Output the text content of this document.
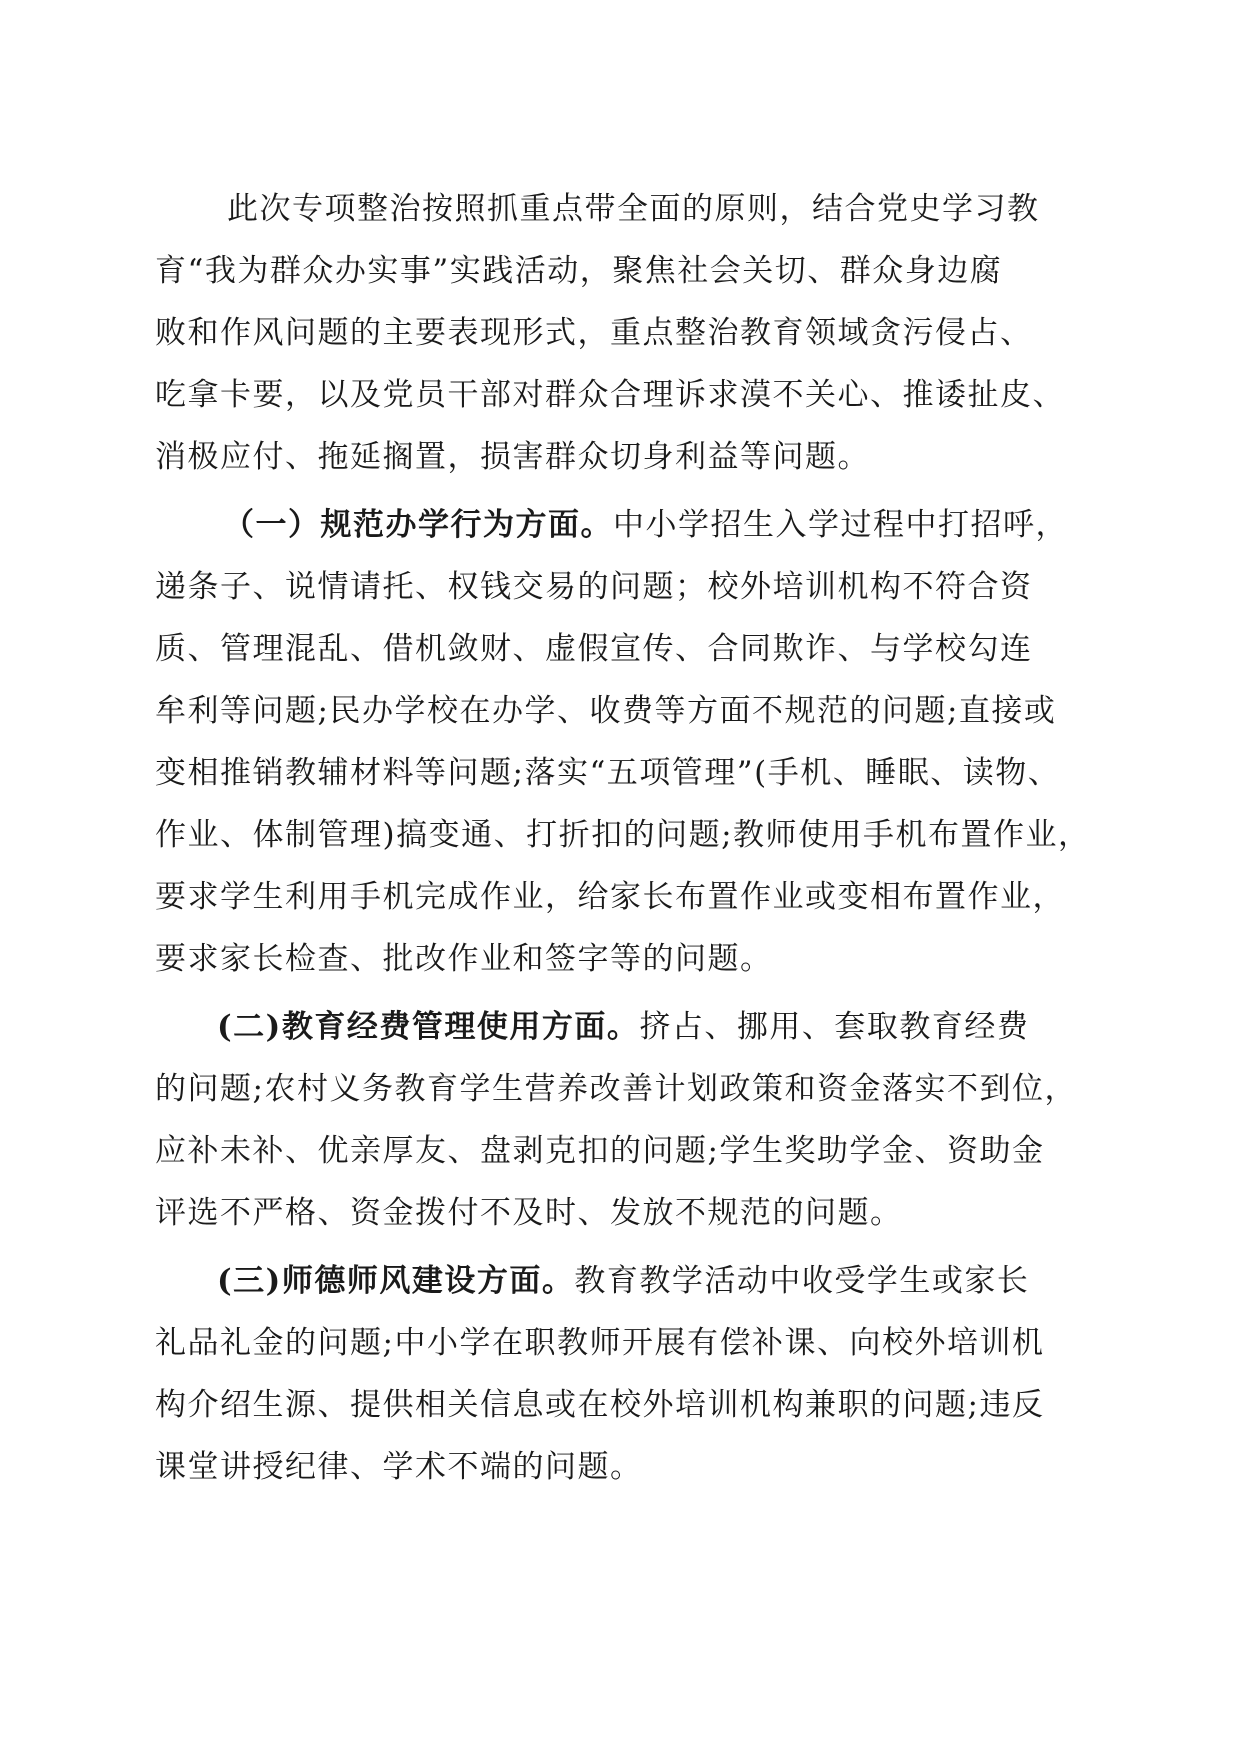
此次专项整治按照抓重点带全面的原则，结合党史学习教
育“我为群众办实事”实践活动，聚焦社会关切、群众身边腐
败和作风问题的主要表现形式，重点整治教育领域贪污侵占、
吃拿卡要，以及党员干部对群众合理诉求漠不关心、推诿扯皮、
消极应付、拖延搁置，损害群众切身利益等问题。
（一）规范办学行为方面。中小学招生入学过程中打招呼，
递条子、说情请托、权钱交易的问题；校外培训机构不符合资
质、管理混乱、借机敛财、虚假宣传、合同欺诈、与学校勾连
牟利等问题;民办学校在办学、收费等方面不规范的问题;直接或
变相推销教辅材料等问题;落实“五项管理”(手机、睡眠、读物、
作业、体制管理)搞变通、打折扣的问题;教师使用手机布置作业，
要求学生利用手机完成作业，给家长布置作业或变相布置作业，
要求家长检查、批改作业和签字等的问题。
(二)教育经费管理使用方面。挤占、挪用、套取教育经费
的问题;农村义务教育学生营养改善计划政策和资金落实不到位，
应补未补、优亲厚友、盘剥克扣的问题;学生奖助学金、资助金
评选不严格、资金拨付不及时、发放不规范的问题。
(三)师德师风建设方面。教育教学活动中收受学生或家长
礼品礼金的问题;中小学在职教师开展有偿补课、向校外培训机
构介绍生源、提供相关信息或在校外培训机构兼职的问题;违反
课堂讲授纪律、学术不端的问题。
